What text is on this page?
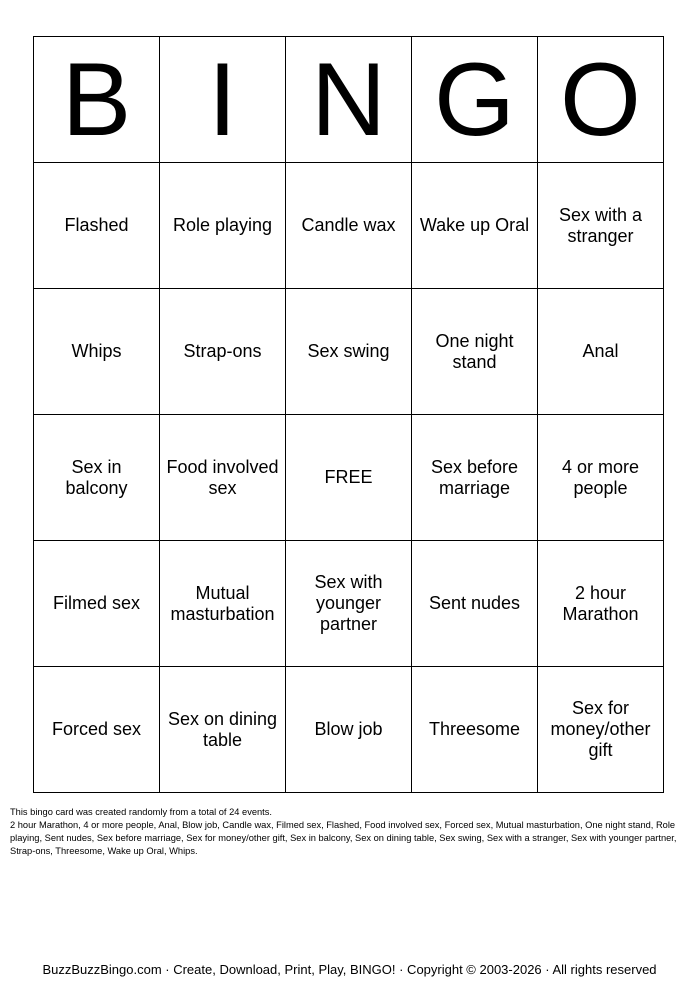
B	I	N	G	O
Flashed	Role playing	Candle wax	Wake up Oral	Sex with a stranger
Whips	Strap-ons	Sex swing	One night stand	Anal
Sex in balcony	Food involved sex	FREE	Sex before marriage	4 or more people
Filmed sex	Mutual masturbation	Sex with younger partner	Sent nudes	2 hour Marathon
Forced sex	Sex on dining table	Blow job	Threesome	Sex for money/other gift

This bingo card was created randomly from a total of 24 events.

2 hour Marathon, 4 or more people, Anal, Blow job, Candle wax, Filmed sex, Flashed, Food involved sex, Forced sex, Mutual masturbation, One night stand, Role playing, Sent nudes, Sex before marriage, Sex for money/other gift, Sex in balcony, Sex on dining table, Sex swing, Sex with a stranger, Sex with younger partner, Strap-ons, Threesome, Wake up Oral, Whips.

BuzzBuzzBingo.com · Create, Download, Print, Play, BINGO! · Copyright © 2003-2026 · All rights reserved
